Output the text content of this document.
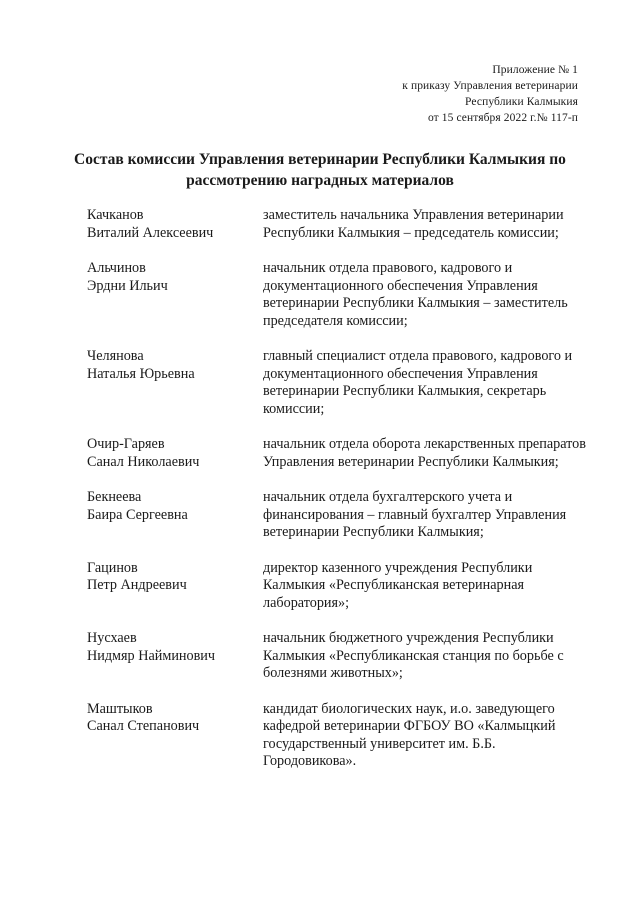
Приложение № 1
к приказу Управления ветеринарии
Республики Калмыкия
от 15 сентября 2022 г.№ 117-п
Состав комиссии Управления ветеринарии Республики Калмыкия по рассмотрению наградных материалов
Качканов
Виталий Алексеевич
заместитель начальника Управления ветеринарии Республики Калмыкия – председатель комиссии;
Альчинов
Эрдни Ильич
начальник отдела правового, кадрового и документационного обеспечения Управления ветеринарии Республики Калмыкия – заместитель председателя комиссии;
Челянова
Наталья Юрьевна
главный специалист отдела правового, кадрового и документационного обеспечения Управления ветеринарии Республики Калмыкия, секретарь комиссии;
Очир-Гаряев
Санал Николаевич
начальник отдела оборота лекарственных препаратов Управления ветеринарии Республики Калмыкия;
Бекнеева
Баира Сергеевна
начальник отдела бухгалтерского учета и финансирования – главный бухгалтер Управления ветеринарии Республики Калмыкия;
Гацинов
Петр Андреевич
директор казенного учреждения Республики Калмыкия «Республиканская ветеринарная лаборатория»;
Нусхаев
Нидмяр Найминович
начальник бюджетного учреждения Республики Калмыкия «Республиканская станция по борьбе с болезнями животных»;
Маштыков
Санал Степанович
кандидат биологических наук, и.о. заведующего кафедрой ветеринарии ФГБОУ ВО «Калмыцкий государственный университет им. Б.Б. Городовикова».
